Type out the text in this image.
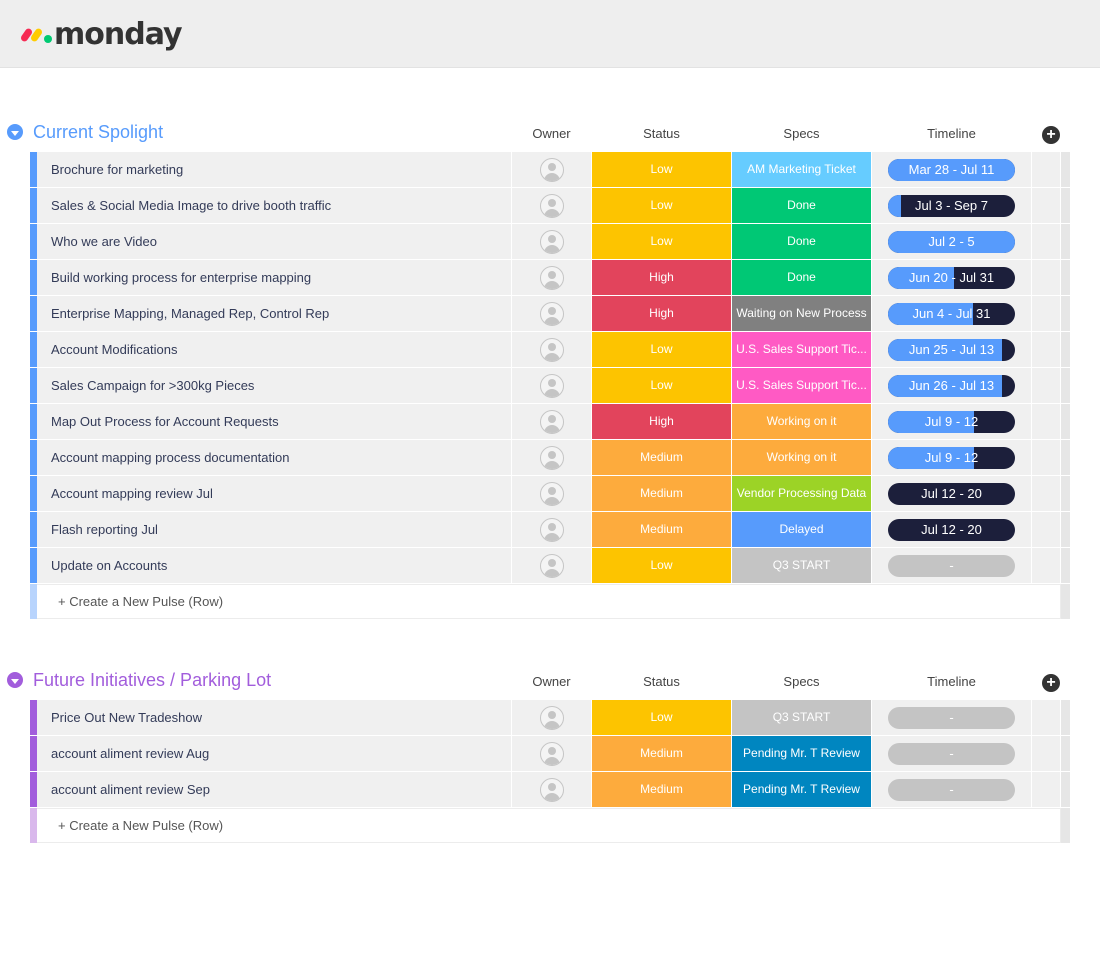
monday
Current Spolight	Owner	Status	Specs	Timeline	+
Brochure for marketing	Low	AM Marketing Ticket	Mar 28 - Jul 11
Sales & Social Media Image to drive booth traffic	Low	Done	Jul 3 - Sep 7
Who we are Video	Low	Done	Jul 2 - 5
Build working process for enterprise mapping	High	Done	Jun 20 - Jul 31
Enterprise Mapping, Managed Rep, Control Rep	High	Waiting on New Process	Jun 4 - Jul 31
Account Modifications	Low	U.S. Sales Support Tic...	Jun 25 - Jul 13
Sales Campaign for >300kg Pieces	Low	U.S. Sales Support Tic...	Jun 26 - Jul 13
Map Out Process for Account Requests	High	Working on it	Jul 9 - 12
Account mapping process documentation	Medium	Working on it	Jul 9 - 12
Account mapping review Jul	Medium	Vendor Processing Data	Jul 12 - 20
Flash reporting Jul	Medium	Delayed	Jul 12 - 20
Update on Accounts	Low	Q3 START	-
+ Create a New Pulse (Row)
Future Initiatives / Parking Lot	Owner	Status	Specs	Timeline	+
Price Out New Tradeshow	Low	Q3 START	-
account aliment review Aug	Medium	Pending Mr. T Review	-
account aliment review Sep	Medium	Pending Mr. T Review	-
+ Create a New Pulse (Row)
